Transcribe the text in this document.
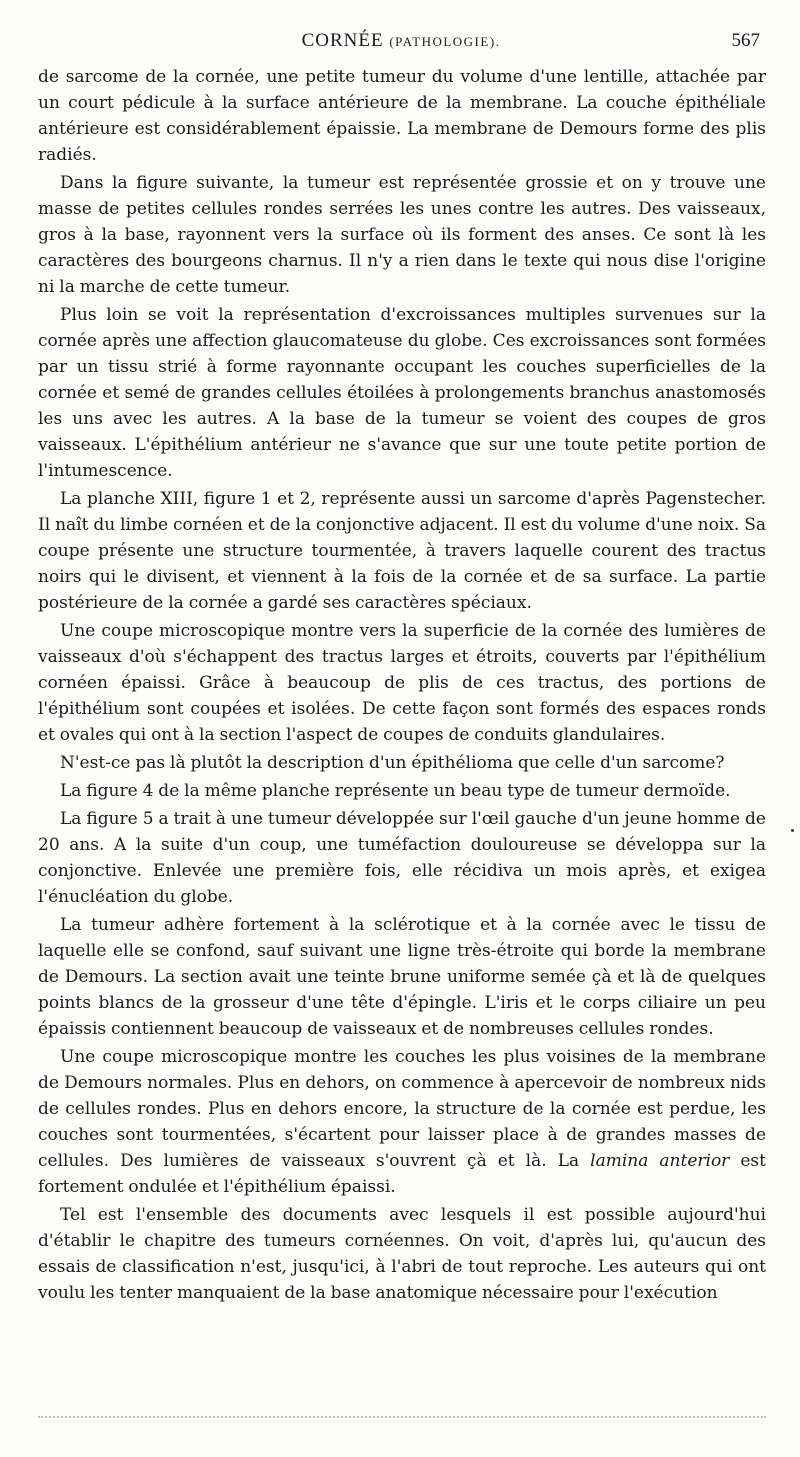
CORNÉE (PATHOLOGIE).	567

de sarcome de la cornée, une petite tumeur du volume d'une lentille, attachée par un court pédicule à la surface antérieure de la membrane. La couche épithéliale antérieure est considérablement épaissie. La membrane de Demours forme des plis radiés.

Dans la figure suivante, la tumeur est représentée grossie et on y trouve une masse de petites cellules rondes serrées les unes contre les autres. Des vaisseaux, gros à la base, rayonnent vers la surface où ils forment des anses. Ce sont là les caractères des bourgeons charnus. Il n'y a rien dans le texte qui nous dise l'origine ni la marche de cette tumeur.

Plus loin se voit la représentation d'excroissances multiples survenues sur la cornée après une affection glaucomateuse du globe. Ces excroissances sont formées par un tissu strié à forme rayonnante occupant les couches superficielles de la cornée et semé de grandes cellules étoilées à prolongements branchus anastomosés les uns avec les autres. A la base de la tumeur se voient des coupes de gros vaisseaux. L'épithélium antérieur ne s'avance que sur une toute petite portion de l'intumescence.

La planche XIII, figure 1 et 2, représente aussi un sarcome d'après Pagenstecher. Il naît du limbe cornéen et de la conjonctive adjacent. Il est du volume d'une noix. Sa coupe présente une structure tourmentée, à travers laquelle courent des tractus noirs qui le divisent, et viennent à la fois de la cornée et de sa surface. La partie postérieure de la cornée a gardé ses caractères spéciaux.

Une coupe microscopique montre vers la superficie de la cornée des lumières de vaisseaux d'où s'échappent des tractus larges et étroits, couverts par l'épithélium cornéen épaissi. Grâce à beaucoup de plis de ces tractus, des portions de l'épithélium sont coupées et isolées. De cette façon sont formés des espaces ronds et ovales qui ont à la section l'aspect de coupes de conduits glandulaires.

N'est-ce pas là plutôt la description d'un épithélioma que celle d'un sarcome?

La figure 4 de la même planche représente un beau type de tumeur dermoïde.

La figure 5 a trait à une tumeur développée sur l'œil gauche d'un jeune homme de 20 ans. A la suite d'un coup, une tuméfaction douloureuse se développa sur la conjonctive. Enlevée une première fois, elle récidiva un mois après, et exigea l'énucléation du globe.

La tumeur adhère fortement à la sclérotique et à la cornée avec le tissu de laquelle elle se confond, sauf suivant une ligne très-étroite qui borde la membrane de Demours. La section avait une teinte brune uniforme semée çà et là de quelques points blancs de la grosseur d'une tête d'épingle. L'iris et le corps ciliaire un peu épaissis contiennent beaucoup de vaisseaux et de nombreuses cellules rondes.

Une coupe microscopique montre les couches les plus voisines de la membrane de Demours normales. Plus en dehors, on commence à apercevoir de nombreux nids de cellules rondes. Plus en dehors encore, la structure de la cornée est perdue, les couches sont tourmentées, s'écartent pour laisser place à de grandes masses de cellules. Des lumières de vaisseaux s'ouvrent çà et là. La lamina anterior est fortement ondulée et l'épithélium épaissi.

Tel est l'ensemble des documents avec lesquels il est possible aujourd'hui d'établir le chapitre des tumeurs cornéennes. On voit, d'après lui, qu'aucun des essais de classification n'est, jusqu'ici, à l'abri de tout reproche. Les auteurs qui ont voulu les tenter manquaient de la base anatomique nécessaire pour l'exécution
